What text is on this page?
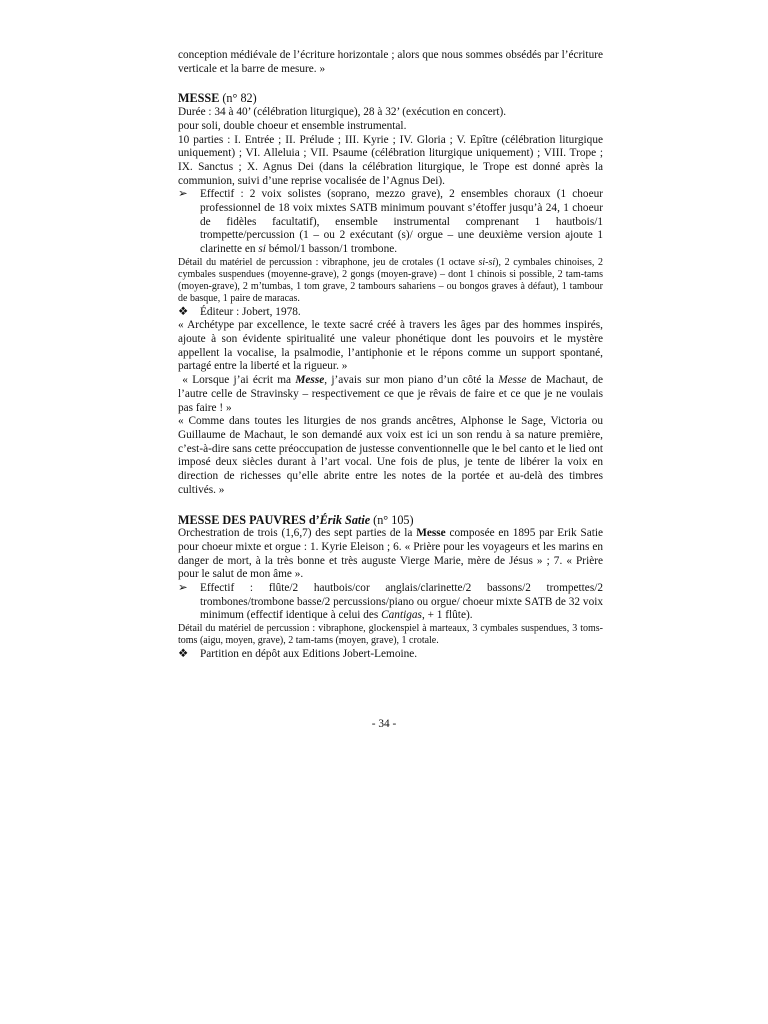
conception médiévale de l’écriture horizontale ; alors que nous sommes obsédés par l’écriture verticale et la barre de mesure. »

MESSE (n° 82)

Durée : 34 à 40’ (célébration liturgique), 28 à 32’ (exécution en concert).

pour soli, double choeur et ensemble instrumental.

10 parties : I. Entrée ; II. Prélude ; III. Kyrie ; IV. Gloria ; V. Epître (célébration liturgique uniquement) ; VI. Alleluia ; VII. Psaume (célébration liturgique uniquement) ; VIII. Trope ; IX. Sanctus ; X. Agnus Dei (dans la célébration liturgique, le Trope est donné après la communion, suivi d’une reprise vocalisée de l’Agnus Dei).

➢	Effectif : 2 voix solistes (soprano, mezzo grave), 2 ensembles choraux (1 choeur professionnel de 18 voix mixtes SATB minimum pouvant s’étoffer jusqu’à 24, 1 choeur de fidèles facultatif), ensemble instrumental comprenant 1 hautbois/1 trompette/percussion (1 – ou 2 exécutant (s)/ orgue – une deuxième version ajoute 1 clarinette en si bémol/1 basson/1 trombone.

Détail du matériel de percussion : vibraphone, jeu de crotales (1 octave si-si), 2 cymbales chinoises, 2 cymbales suspendues (moyenne-grave), 2 gongs (moyen-grave) – dont 1 chinois si possible, 2 tam-tams (moyen-grave), 2 m’tumbas, 1 tom grave, 2 tambours sahariens – ou bongos graves à défaut), 1 tambour de basque, 1 paire de maracas.

❖	Éditeur : Jobert, 1978.

« Archétype par excellence, le texte sacré créé à travers les âges par des hommes inspirés, ajoute à son évidente spiritualité une valeur phonétique dont les pouvoirs et le mystère appellent la vocalise, la psalmodie, l’antiphonie et le répons comme un support spontané, partagé entre la liberté et la rigueur. »

« Lorsque j’ai écrit ma Messe, j’avais sur mon piano d’un côté la Messe de Machaut, de l’autre celle de Stravinsky – respectivement ce que je rêvais de faire et ce que je ne voulais pas faire ! »

« Comme dans toutes les liturgies de nos grands ancêtres, Alphonse le Sage, Victoria ou Guillaume de Machaut, le son demandé aux voix est ici un son rendu à sa nature première, c’est-à-dire sans cette préoccupation de justesse conventionnelle que le bel canto et le lied ont imposé deux siècles durant à l’art vocal. Une fois de plus, je tente de libérer la voix en direction de richesses qu’elle abrite entre les notes de la portée et au-delà des timbres cultivés. »

MESSE DES PAUVRES d’Érik Satie (n° 105)

Orchestration de trois (1,6,7) des sept parties de la Messe composée en 1895 par Erik Satie pour choeur mixte et orgue : 1. Kyrie Eleison ; 6. « Prière pour les voyageurs et les marins en danger de mort, à la très bonne et très auguste Vierge Marie, mère de Jésus » ; 7. « Prière pour le salut de mon âme ».

➢	Effectif : flûte/2 hautbois/cor anglais/clarinette/2 bassons/2 trompettes/2 trombones/trombone basse/2 percussions/piano ou orgue/ choeur mixte SATB de 32 voix minimum (effectif identique à celui des Cantigas, + 1 flûte).

Détail du matériel de percussion : vibraphone, glockenspiel à marteaux, 3 cymbales suspendues, 3 toms-toms (aigu, moyen, grave), 2 tam-tams (moyen, grave), 1 crotale.

❖	Partition en dépôt aux Editions Jobert-Lemoine.

- 34 -
